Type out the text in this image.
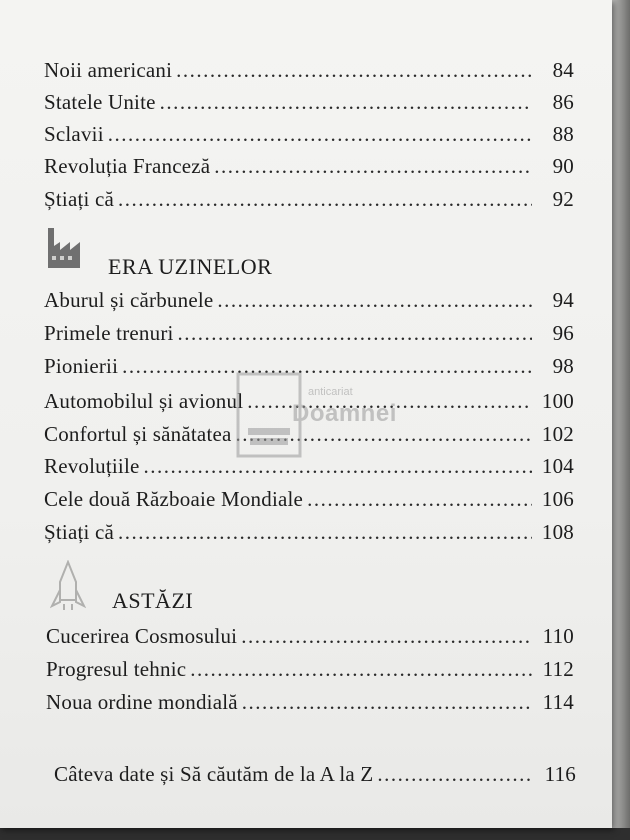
Noii americani .....	84
Statele Unite .....	86
Sclavii .....	88
Revoluția Franceză .....	90
Știați că .....	92
ERA UZINELOR
Aburul și cărbunele .....	94
Primele trenuri .....	96
Pionierii .....	98
Automobilul și avionul .....	100
Confortul și sănătatea .....	102
Revoluțiile .....	104
Cele două Războaie Mondiale .....	106
Știați că .....	108
ASTĂZI
Cucerirea Cosmosului .....	110
Progresul tehnic .....	112
Noua ordine mondială .....	114
Câteva date și Să căutăm de la A la Z .....	116
anticariat
Doamnei
